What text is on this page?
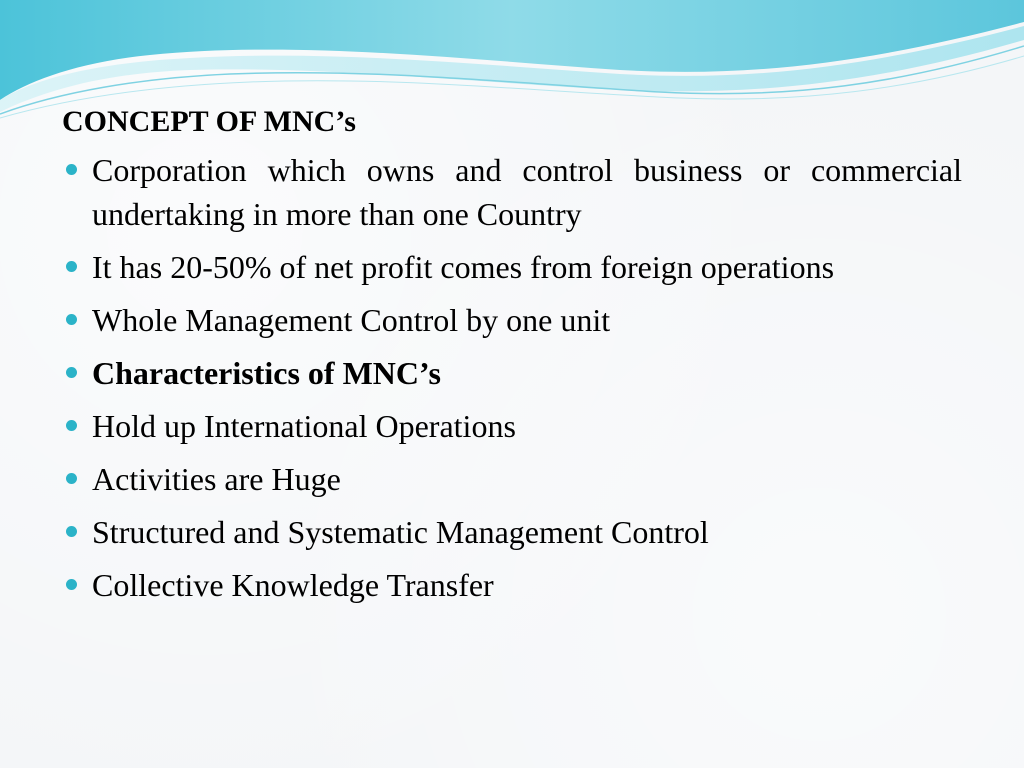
CONCEPT OF MNC’s
Corporation which owns and control business or commercial undertaking in more than one Country
It has 20-50% of net profit comes from foreign operations
Whole Management Control by one unit
Characteristics of MNC’s
Hold up International Operations
Activities are Huge
Structured and Systematic Management Control
Collective Knowledge Transfer
